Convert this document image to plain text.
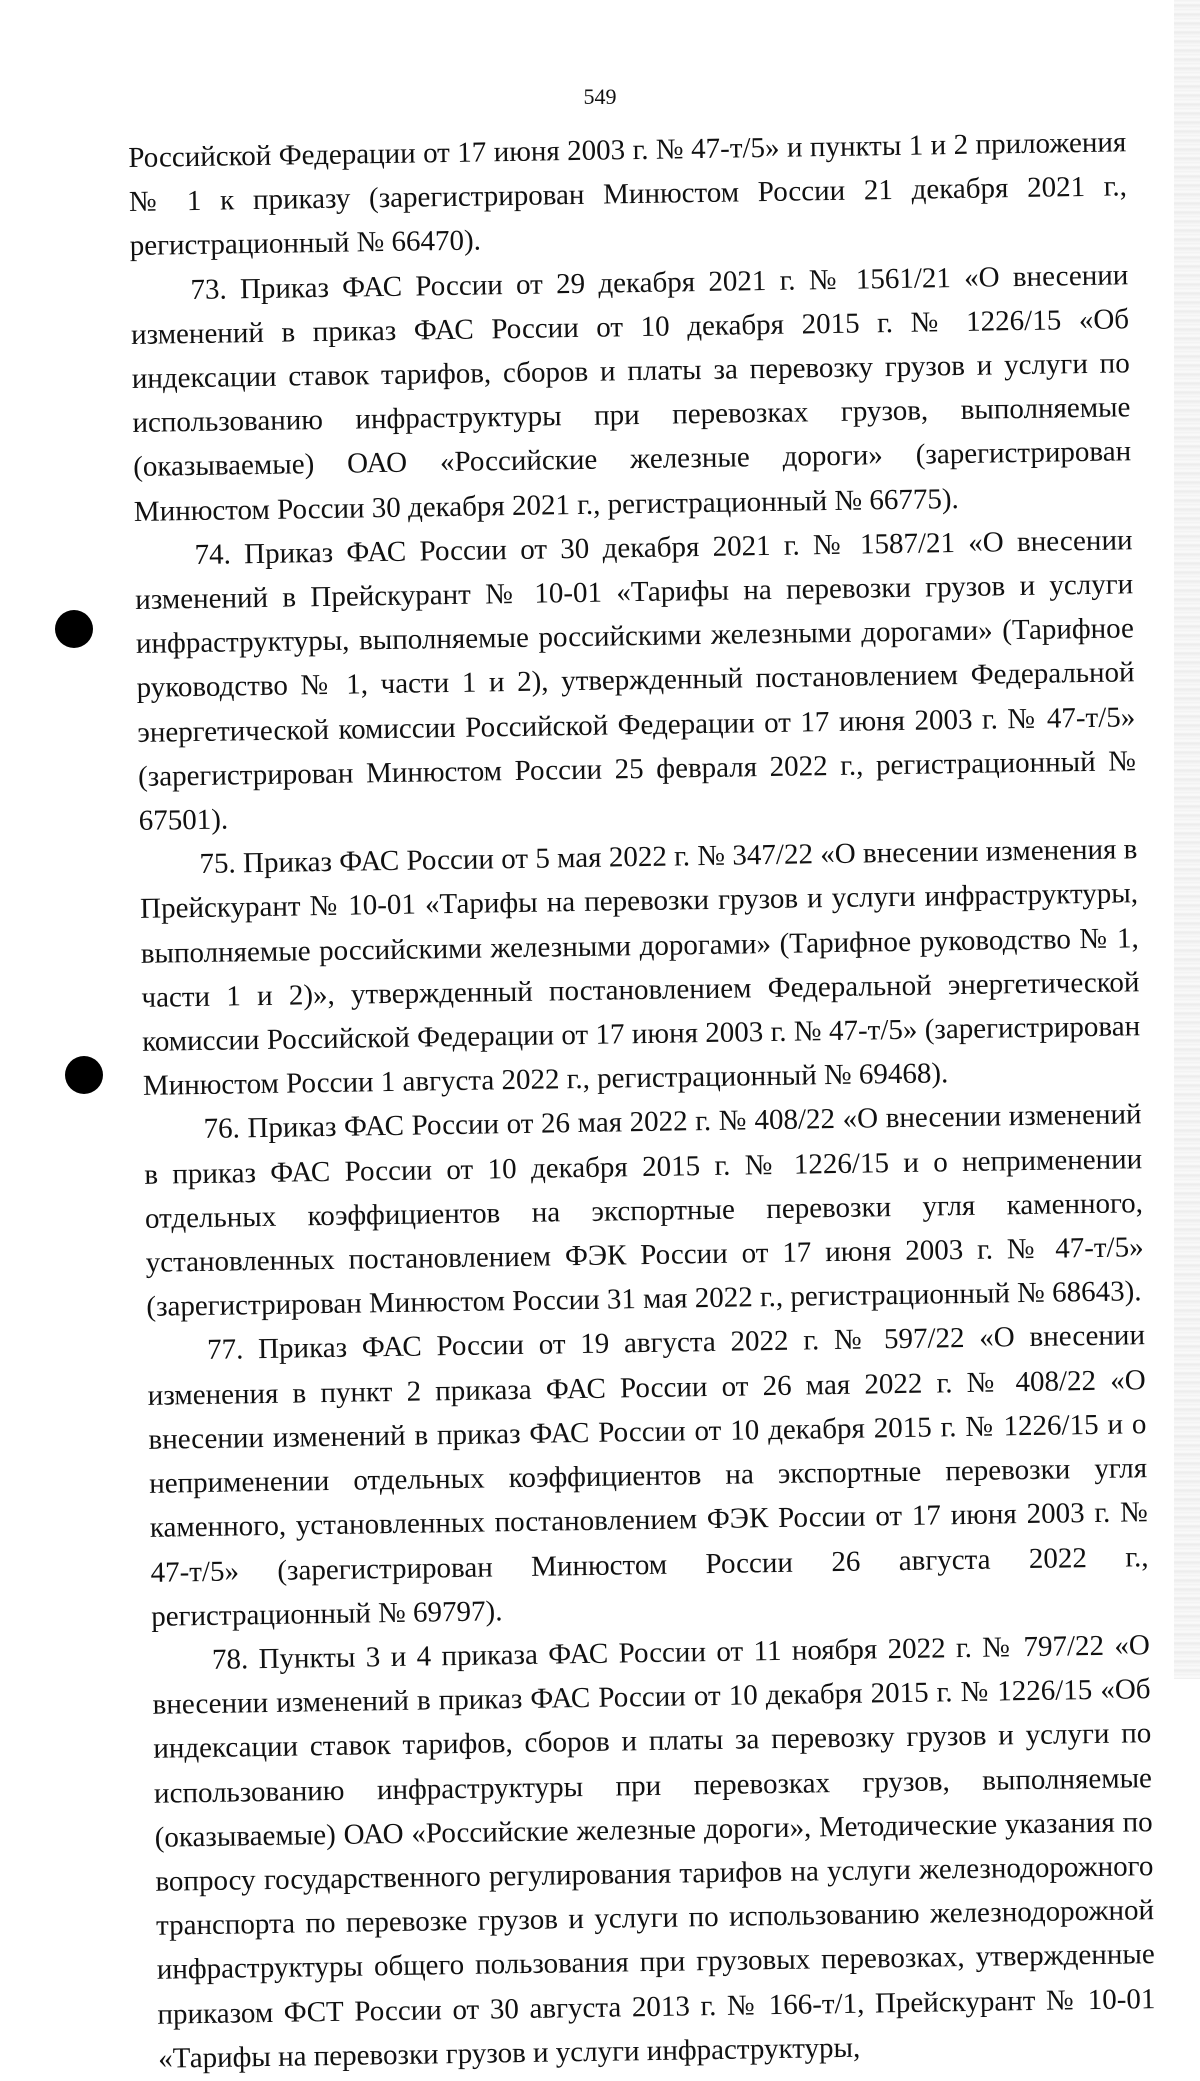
549

Российской Федерации от 17 июня 2003 г. № 47-т/5» и пункты 1 и 2 приложения № 1 к приказу (зарегистрирован Минюстом России 21 декабря 2021 г., регистрационный № 66470).

73. Приказ ФАС России от 29 декабря 2021 г. № 1561/21 «О внесении изменений в приказ ФАС России от 10 декабря 2015 г. № 1226/15 «Об индексации ставок тарифов, сборов и платы за перевозку грузов и услуги по использованию инфраструктуры при перевозках грузов, выполняемые (оказываемые) ОАО «Российские железные дороги» (зарегистрирован Минюстом России 30 декабря 2021 г., регистрационный № 66775).

74. Приказ ФАС России от 30 декабря 2021 г. № 1587/21 «О внесении изменений в Прейскурант № 10-01 «Тарифы на перевозки грузов и услуги инфраструктуры, выполняемые российскими железными дорогами» (Тарифное руководство № 1, части 1 и 2), утвержденный постановлением Федеральной энергетической комиссии Российской Федерации от 17 июня 2003 г. № 47-т/5» (зарегистрирован Минюстом России 25 февраля 2022 г., регистрационный № 67501).

75. Приказ ФАС России от 5 мая 2022 г. № 347/22 «О внесении изменения в Прейскурант № 10-01 «Тарифы на перевозки грузов и услуги инфраструктуры, выполняемые российскими железными дорогами» (Тарифное руководство № 1, части 1 и 2)», утвержденный постановлением Федеральной энергетической комиссии Российской Федерации от 17 июня 2003 г. № 47-т/5» (зарегистрирован Минюстом России 1 августа 2022 г., регистрационный № 69468).

76. Приказ ФАС России от 26 мая 2022 г. № 408/22 «О внесении изменений в приказ ФАС России от 10 декабря 2015 г. № 1226/15 и о неприменении отдельных коэффициентов на экспортные перевозки угля каменного, установленных постановлением ФЭК России от 17 июня 2003 г. № 47-т/5» (зарегистрирован Минюстом России 31 мая 2022 г., регистрационный № 68643).

77. Приказ ФАС России от 19 августа 2022 г. № 597/22 «О внесении изменения в пункт 2 приказа ФАС России от 26 мая 2022 г. № 408/22 «О внесении изменений в приказ ФАС России от 10 декабря 2015 г. № 1226/15 и о неприменении отдельных коэффициентов на экспортные перевозки угля каменного, установленных постановлением ФЭК России от 17 июня 2003 г. № 47-т/5» (зарегистрирован Минюстом России 26 августа 2022 г., регистрационный № 69797).

78. Пункты 3 и 4 приказа ФАС России от 11 ноября 2022 г. № 797/22 «О внесении изменений в приказ ФАС России от 10 декабря 2015 г. № 1226/15 «Об индексации ставок тарифов, сборов и платы за перевозку грузов и услуги по использованию инфраструктуры при перевозках грузов, выполняемые (оказываемые) ОАО «Российские железные дороги», Методические указания по вопросу государственного регулирования тарифов на услуги железнодорожного транспорта по перевозке грузов и услуги по использованию железнодорожной инфраструктуры общего пользования при грузовых перевозках, утвержденные приказом ФСТ России от 30 августа 2013 г. № 166-т/1, Прейскурант № 10-01 «Тарифы на перевозки грузов и услуги инфраструктуры,
